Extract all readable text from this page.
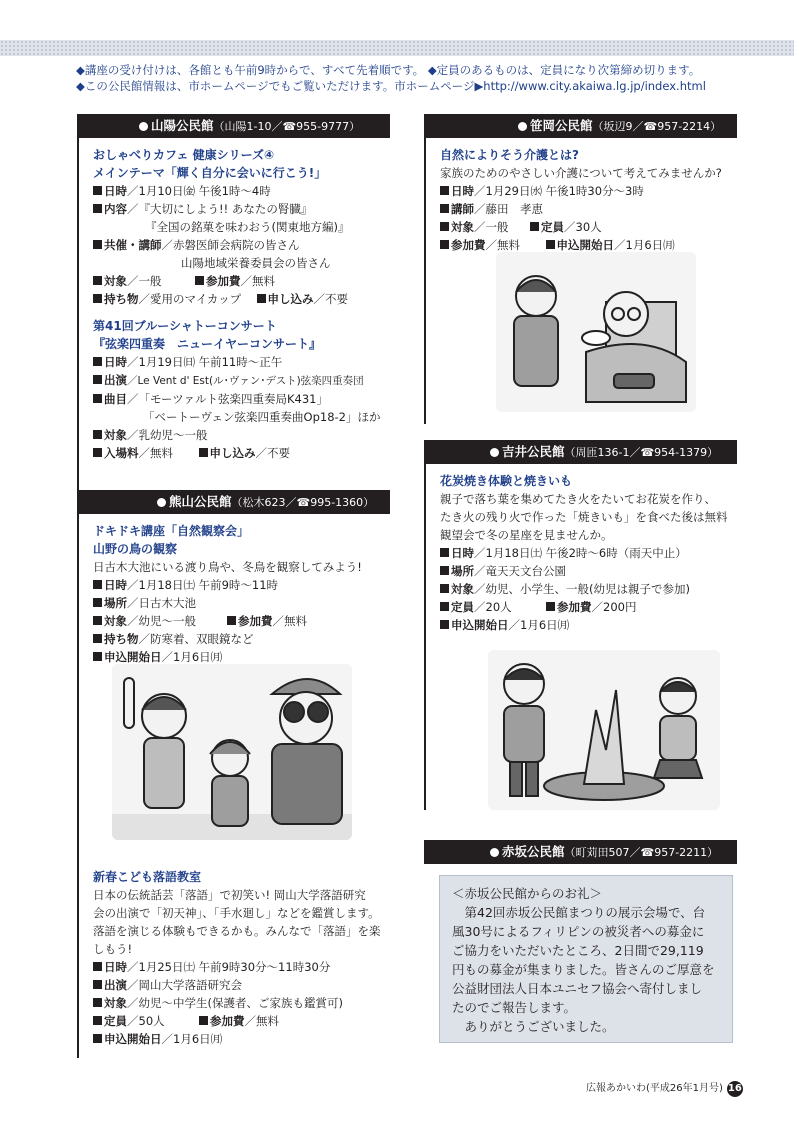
◆講座の受け付けは、各館とも午前9時からで、すべて先着順です。 ◆定員のあるものは、定員になり次第締め切ります。
◆この公民館情報は、市ホームページでもご覧いただけます。市ホームページ▶http://www.city.akaiwa.lg.jp/index.html
山陽公民館（山陽1-10／☎955-9777）
おしゃべりカフェ 健康シリーズ④
メインテーマ「輝く自分に会いに行こう!」
日時／1月10日㈮ 午後1時～4時
内容／『大切にしよう!! あなたの腎臓』
『全国の銘菓を味わおう(関東地方編)』
共催・講師／赤磐医師会病院の皆さん
山陽地域栄養委員会の皆さん
対象／一般	参加費／無料
持ち物／愛用のマイカップ 申し込み／不要
第41回ブルーシャトーコンサート
『弦楽四重奏　ニューイヤーコンサート』
日時／1月19日㈰ 午前11時～正午
出演／Le Vent d' Est(ル･ヴァン･デスト)弦楽四重奏団
曲目／「モーツァルト弦楽四重奏局K431」
「ベートーヴェン弦楽四重奏曲Op18-2」ほか
対象／乳幼児～一般
入場料／無料	申し込み／不要
熊山公民館（松木623／☎995-1360）
ドキドキ講座「自然観察会」
山野の鳥の観察
日古木大池にいる渡り鳥や、冬鳥を観察してみよう!
日時／1月18日㈯ 午前9時～11時
場所／日古木大池
対象／幼児～一般	参加費／無料
持ち物／防寒着、双眼鏡など
申込開始日／1月6日㈪
新春こども落語教室
日本の伝統話芸「落語」で初笑い! 岡山大学落語研究
会の出演で「初天神」、「手水廻し」などを鑑賞します。
落語を演じる体験もできるかも。みんなで「落語」を楽
しもう!
日時／1月25日㈯ 午前9時30分～11時30分
出演／岡山大学落語研究会
対象／幼児～中学生(保護者、ご家族も鑑賞可)
定員／50人	参加費／無料
申込開始日／1月6日㈪
笹岡公民館（坂辺9／☎957-2214）
自然によりそう介護とは?
家族のためのやさしい介護について考えてみませんか?
日時／1月29日㈬ 午後1時30分～3時
講師／藤田　孝恵
対象／一般	定員／30人
参加費／無料	申込開始日／1月6日㈪
吉井公民館（周匝136-1／☎954-1379）
花炭焼き体験と焼きいも
親子で落ち葉を集めてたき火をたいてお花炭を作り、
たき火の残り火で作った「焼きいも」を食べた後は無料
観望会で冬の星座を見ませんか。
日時／1月18日㈯ 午後2時～6時（雨天中止）
場所／竜天天文台公園
対象／幼児、小学生、一般(幼児は親子で参加)
定員／20人	参加費／200円
申込開始日／1月6日㈪
赤坂公民館（町苅田507／☎957-2211）
＜赤坂公民館からのお礼＞
　第42回赤坂公民館まつりの展示会場で、台
風30号によるフィリピンの被災者への募金に
ご協力をいただいたところ、2日間で29,119
円もの募金が集まりました。皆さんのご厚意を
公益財団法人日本ユニセフ協会へ寄付しまし
たのでご報告します。
　ありがとうございました。
広報あかいわ(平成26年1月号) 16
